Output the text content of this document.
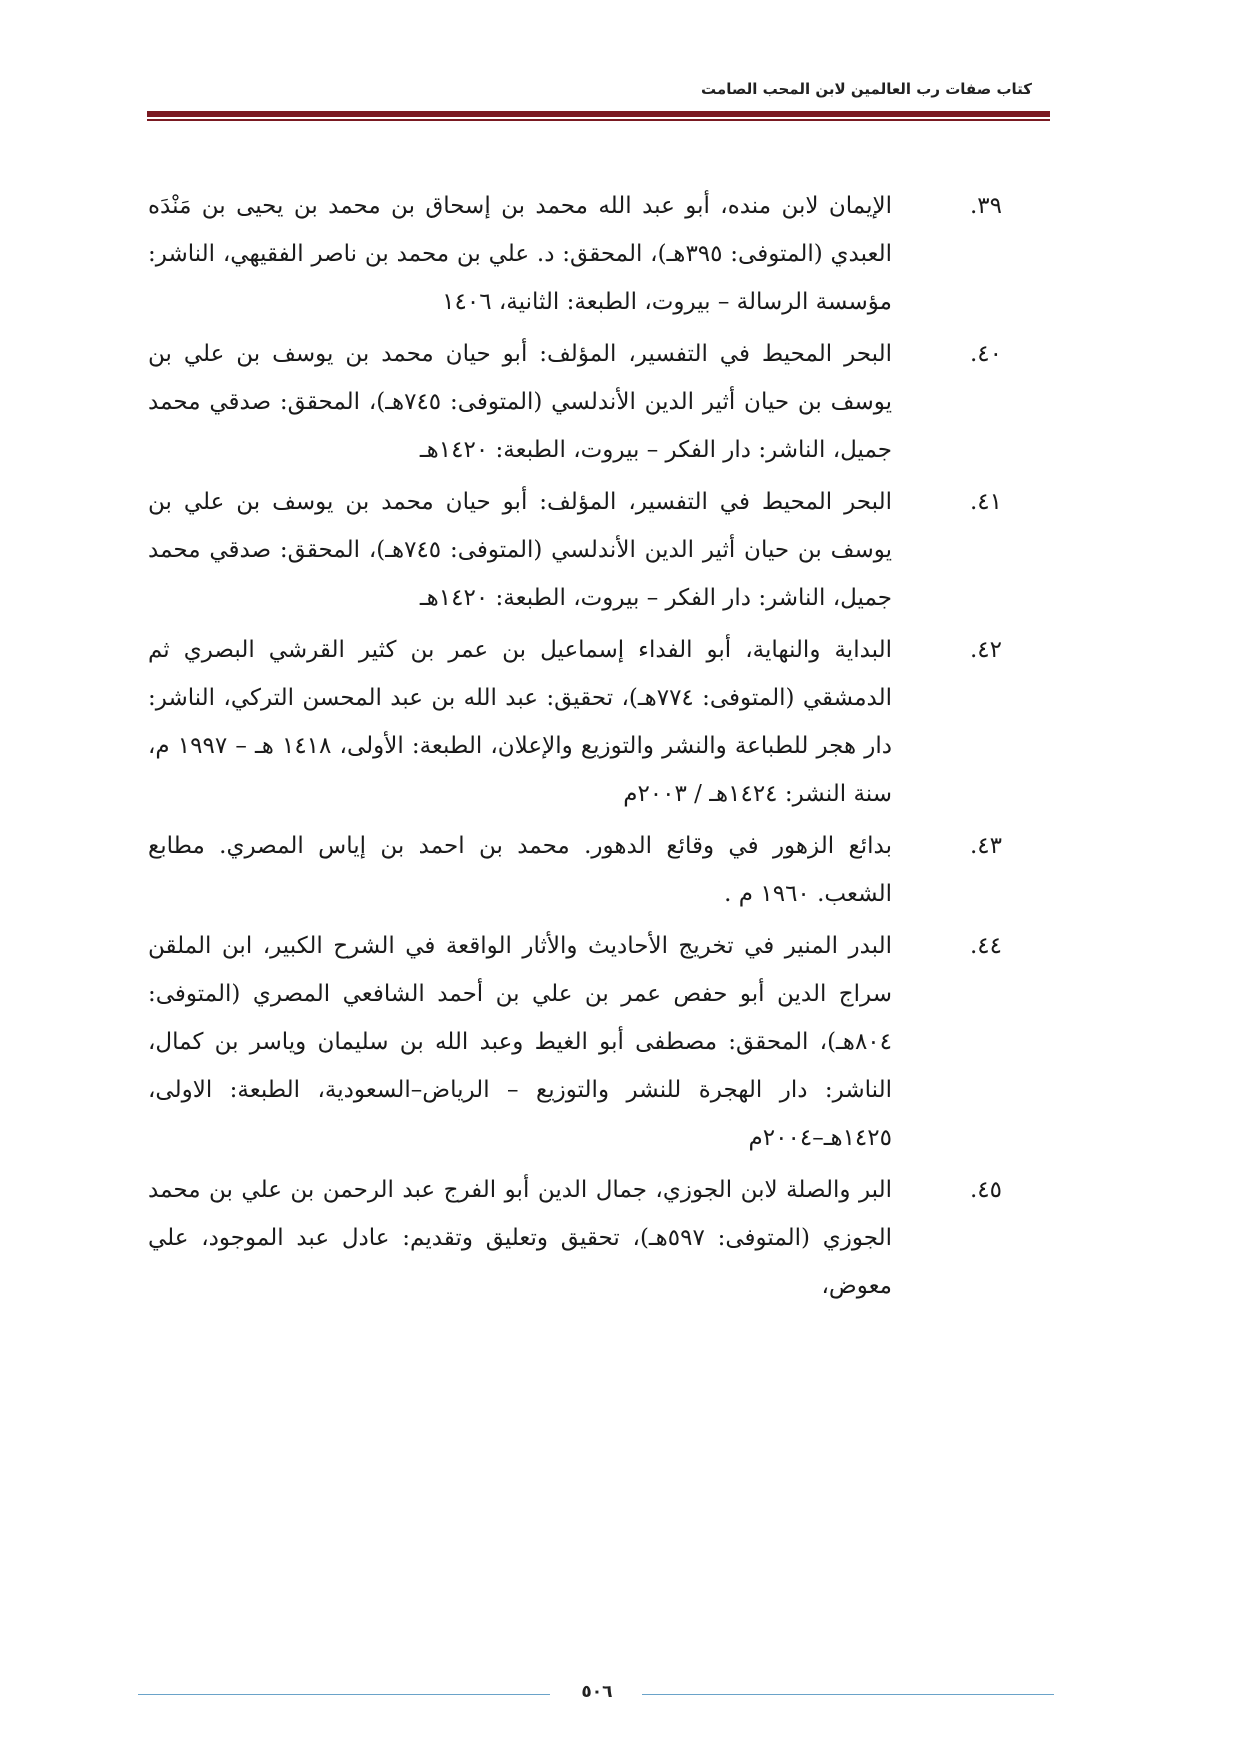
كتاب صفات رب العالمين لابن المحب الصامت
٣٩.
الإيمان لابن منده، أبو عبد الله محمد بن إسحاق بن محمد بن يحيى بن مَنْدَه العبدي (المتوفى: ٣٩٥هـ)، المحقق: د. علي بن محمد بن ناصر الفقيهي، الناشر: مؤسسة الرسالة – بيروت، الطبعة: الثانية، ١٤٠٦
٤٠.
البحر المحيط في التفسير، المؤلف: أبو حيان محمد بن يوسف بن علي بن يوسف بن حيان أثير الدين الأندلسي (المتوفى: ٧٤٥هـ)، المحقق: صدقي محمد جميل، الناشر: دار الفكر – بيروت، الطبعة: ١٤٢٠هـ
٤١.
البحر المحيط في التفسير، المؤلف: أبو حيان محمد بن يوسف بن علي بن يوسف بن حيان أثير الدين الأندلسي (المتوفى: ٧٤٥هـ)، المحقق: صدقي محمد جميل، الناشر: دار الفكر – بيروت، الطبعة: ١٤٢٠هـ
٤٢.
البداية والنهاية، أبو الفداء إسماعيل بن عمر بن كثير القرشي البصري ثم الدمشقي (المتوفى: ٧٧٤هـ)، تحقيق: عبد الله بن عبد المحسن التركي، الناشر: دار هجر للطباعة والنشر والتوزيع والإعلان، الطبعة: الأولى، ١٤١٨ هـ – ١٩٩٧ م، سنة النشر: ١٤٢٤هـ / ٢٠٠٣م
٤٣.
بدائع الزهور في وقائع الدهور. محمد بن احمد بن إياس المصري. مطابع الشعب. ١٩٦٠ م .
٤٤.
البدر المنير في تخريج الأحاديث والأثار الواقعة في الشرح الكبير، ابن الملقن سراج الدين أبو حفص عمر بن علي بن أحمد الشافعي المصري (المتوفى: ٨٠٤هـ)، المحقق: مصطفى أبو الغيط وعبد الله بن سليمان وياسر بن كمال، الناشر: دار الهجرة للنشر والتوزيع – الرياض–السعودية، الطبعة: الاولى، ١٤٢٥هـ–٢٠٠٤م
٤٥.
البر والصلة لابن الجوزي، جمال الدين أبو الفرج عبد الرحمن بن علي بن محمد الجوزي (المتوفى: ٥٩٧هـ)، تحقيق وتعليق وتقديم: عادل عبد الموجود، علي معوض،
٥٠٦
